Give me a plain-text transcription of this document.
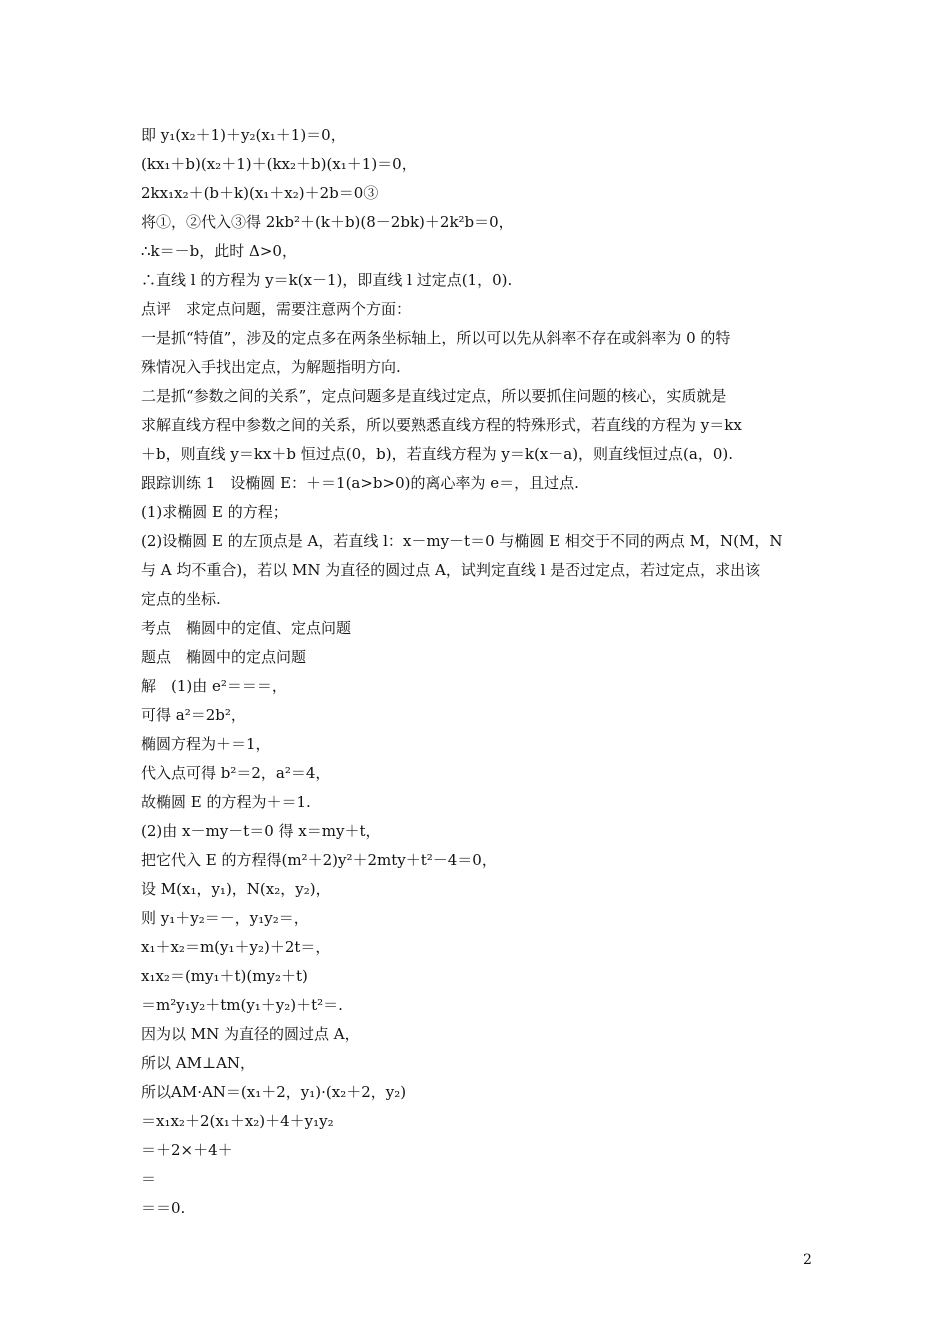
即 y₁(x₂＋1)＋y₂(x₁＋1)＝0，
(kx₁＋b)(x₂＋1)＋(kx₂＋b)(x₁＋1)＝0，
2kx₁x₂＋(b＋k)(x₁＋x₂)＋2b＝0③
将①，②代入③得 2kb²＋(k＋b)(8－2bk)＋2k²b＝0，
∴k＝－b，此时 Δ>0，
∴直线 l 的方程为 y＝k(x－1)，即直线 l 过定点(1，0).
点评　求定点问题，需要注意两个方面：
一是抓“特值”，涉及的定点多在两条坐标轴上，所以可以先从斜率不存在或斜率为 0 的特
殊情况入手找出定点，为解题指明方向.
二是抓“参数之间的关系”，定点问题多是直线过定点，所以要抓住问题的核心，实质就是
求解直线方程中参数之间的关系，所以要熟悉直线方程的特殊形式，若直线的方程为 y＝kx
＋b，则直线 y＝kx＋b 恒过点(0，b)，若直线方程为 y＝k(x－a)，则直线恒过点(a，0).
跟踪训练 1　设椭圆 E：＋＝1(a>b>0)的离心率为 e＝，且过点.
(1)求椭圆 E 的方程；
(2)设椭圆 E 的左顶点是 A，若直线 l：x－my－t＝0 与椭圆 E 相交于不同的两点 M，N(M，N
与 A 均不重合)，若以 MN 为直径的圆过点 A，试判定直线 l 是否过定点，若过定点，求出该
定点的坐标.
考点　椭圆中的定值、定点问题
题点　椭圆中的定点问题
解　(1)由 e²＝＝＝，
可得 a²＝2b²，
椭圆方程为＋＝1，
代入点可得 b²＝2，a²＝4，
故椭圆 E 的方程为＋＝1.
(2)由 x－my－t＝0 得 x＝my＋t，
把它代入 E 的方程得(m²＋2)y²＋2mty＋t²－4＝0，
设 M(x₁，y₁)，N(x₂，y₂)，
则 y₁＋y₂＝－，y₁y₂＝，
x₁＋x₂＝m(y₁＋y₂)＋2t＝，
x₁x₂＝(my₁＋t)(my₂＋t)
＝m²y₁y₂＋tm(y₁＋y₂)＋t²＝.
因为以 MN 为直径的圆过点 A，
所以 AM⊥AN，
所以AM·AN＝(x₁＋2，y₁)·(x₂＋2，y₂)
＝x₁x₂＋2(x₁＋x₂)＋4＋y₁y₂
＝＋2×＋4＋
＝
＝＝0.
2
